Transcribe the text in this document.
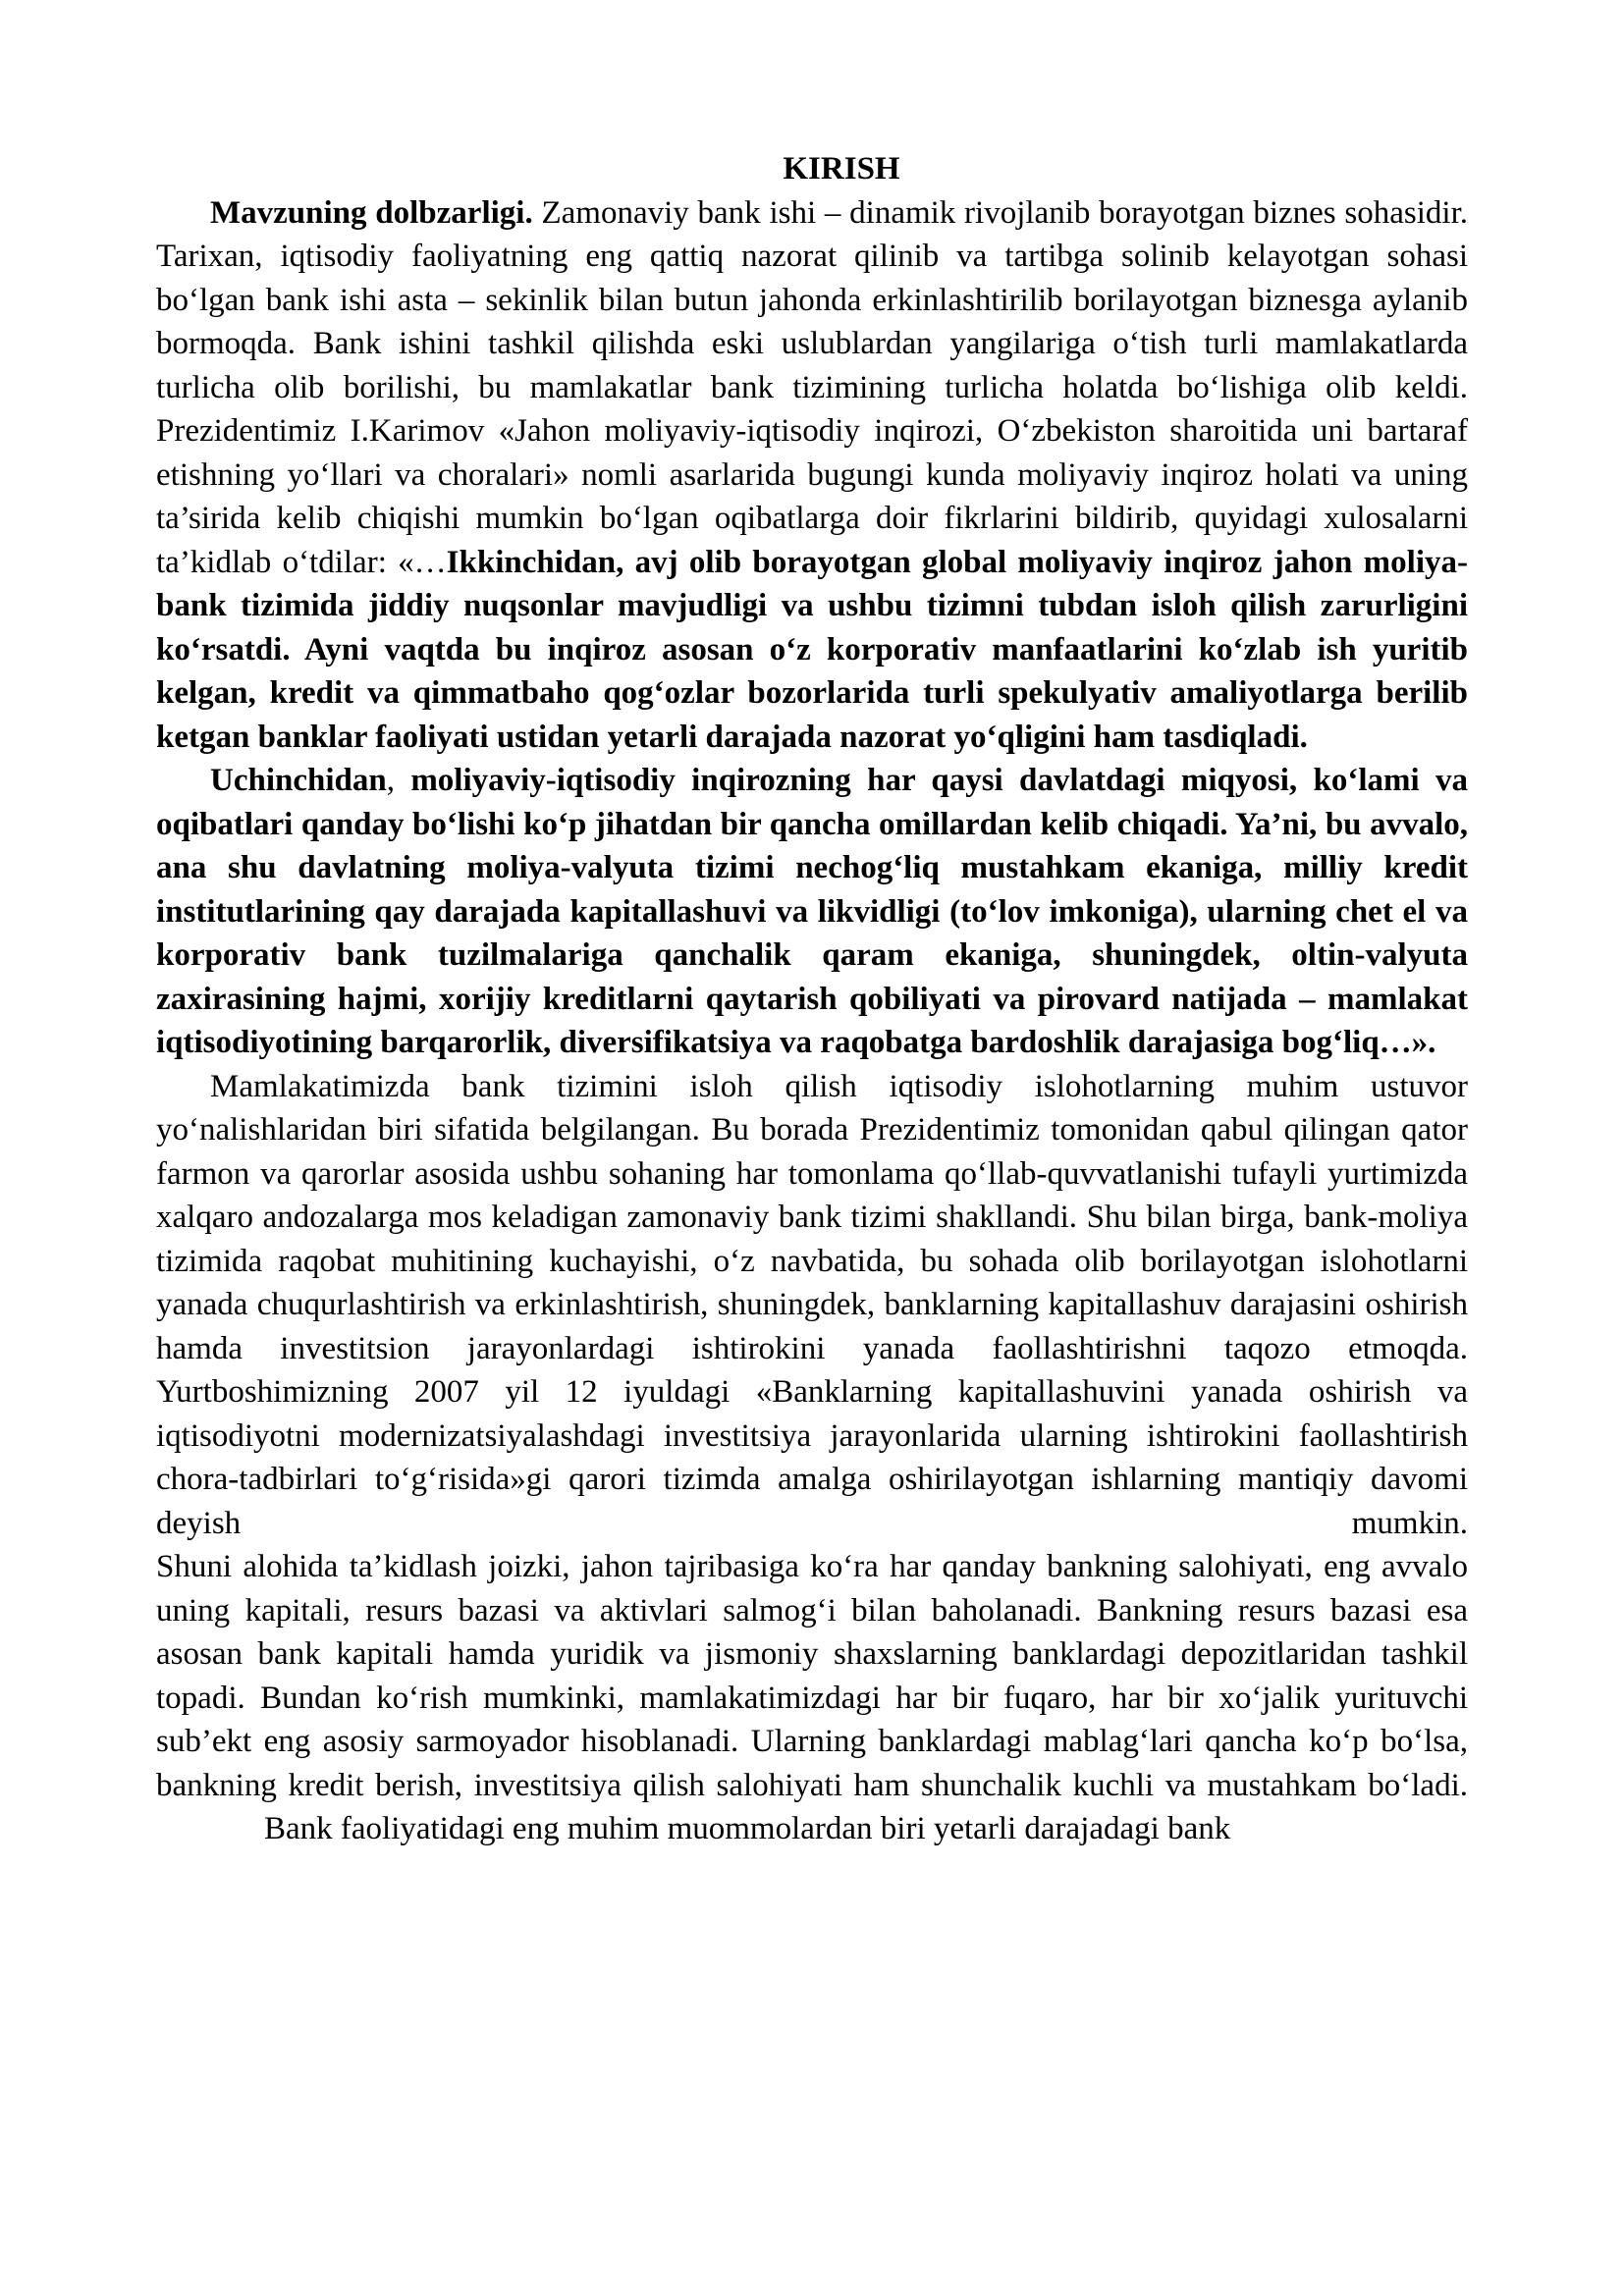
KIRISH

Mavzuning dolbzarligi. Zamonaviy bank ishi – dinamik rivojlanib borayotgan biznes sohasidir. Tarixan, iqtisodiy faoliyatning eng qattiq nazorat qilinib va tartibga solinib kelayotgan sohasi bo‘lgan bank ishi asta – sekinlik bilan butun jahonda erkinlashtirilib borilayotgan biznesga aylanib bormoqda. Bank ishini tashkil qilishda eski uslublardan yangilariga o‘tish turli mamlakatlarda turlicha olib borilishi, bu mamlakatlar bank tizimining turlicha holatda bo‘lishiga olib keldi. Prezidentimiz I.Karimov «Jahon moliyaviy-iqtisodiy inqirozi, O‘zbekiston sharoitida uni bartaraf etishning yo‘llari va choralari» nomli asarlarida bugungi kunda moliyaviy inqiroz holati va uning ta’sirida kelib chiqishi mumkin bo‘lgan oqibatlarga doir fikrlarini bildirib, quyidagi xulosalarni ta’kidlab o‘tdilar: «…Ikkinchidan, avj olib borayotgan global moliyaviy inqiroz jahon moliya-bank tizimida jiddiy nuqsonlar mavjudligi va ushbu tizimni tubdan isloh qilish zarurligini ko‘rsatdi. Ayni vaqtda bu inqiroz asosan o‘z korporativ manfaatlarini ko‘zlab ish yuritib kelgan, kredit va qimmatbaho qog‘ozlar bozorlarida turli spekulyativ amaliyotlarga berilib ketgan banklar faoliyati ustidan yetarli darajada nazorat yo‘qligini ham tasdiqladi.

Uchinchidan, moliyaviy-iqtisodiy inqirozning har qaysi davlatdagi miqyosi, ko‘lami va oqibatlari qanday bo‘lishi ko‘p jihatdan bir qancha omillardan kelib chiqadi. Ya’ni, bu avvalo, ana shu davlatning moliya-valyuta tizimi nechog‘liq mustahkam ekaniga, milliy kredit institutlarining qay darajada kapitallashuvi va likvidligi (to‘lov imkoniga), ularning chet el va korporativ bank tuzilmalariga qanchalik qaram ekaniga, shuningdek, oltin-valyuta zaxirasining hajmi, xorijiy kreditlarni qaytarish qobiliyati va pirovard natijada – mamlakat iqtisodiyotining barqarorlik, diversifikatsiya va raqobatga bardoshlik darajasiga bog‘liq…».

Mamlakatimizda bank tizimini isloh qilish iqtisodiy islohotlarning muhim ustuvor yo‘nalishlaridan biri sifatida belgilangan. Bu borada Prezidentimiz tomonidan qabul qilingan qator farmon va qarorlar asosida ushbu sohaning har tomonlama qo‘llab-quvvatlanishi tufayli yurtimizda xalqaro andozalarga mos keladigan zamonaviy bank tizimi shakllandi. Shu bilan birga, bank-moliya tizimida raqobat muhitining kuchayishi, o‘z navbatida, bu sohada olib borilayotgan islohotlarni yanada chuqurlashtirish va erkinlashtirish, shuningdek, banklarning kapitallashuv darajasini oshirish hamda investitsion jarayonlardagi ishtirokini yanada faollashtirishni taqozo etmoqda. Yurtboshimizning 2007 yil 12 iyuldagi «Banklarning kapitallashuvini yanada oshirish va iqtisodiyotni modernizatsiyalashdagi investitsiya jarayonlarida ularning ishtirokini faollashtirish chora-tadbirlari to‘g‘risida»gi qarori tizimda amalga oshirilayotgan ishlarning mantiqiy davomi deyish mumkin.

Shuni alohida ta’kidlash joizki, jahon tajribasiga ko‘ra har qanday bankning salohiyati, eng avvalo uning kapitali, resurs bazasi va aktivlari salmog‘i bilan baholanadi. Bankning resurs bazasi esa asosan bank kapitali hamda yuridik va jismoniy shaxslarning banklardagi depozitlaridan tashkil topadi. Bundan ko‘rish mumkinki, mamlakatimizdagi har bir fuqaro, har bir xo‘jalik yurituvchi sub’ekt eng asosiy sarmoyador hisoblanadi. Ularning banklardagi mablag‘lari qancha ko‘p bo‘lsa, bankning kredit berish, investitsiya qilish salohiyati ham shunchalik kuchli va mustahkam bo‘ladi.

Bank faoliyatidagi eng muhim muommolardan biri yetarli darajadagi bank
